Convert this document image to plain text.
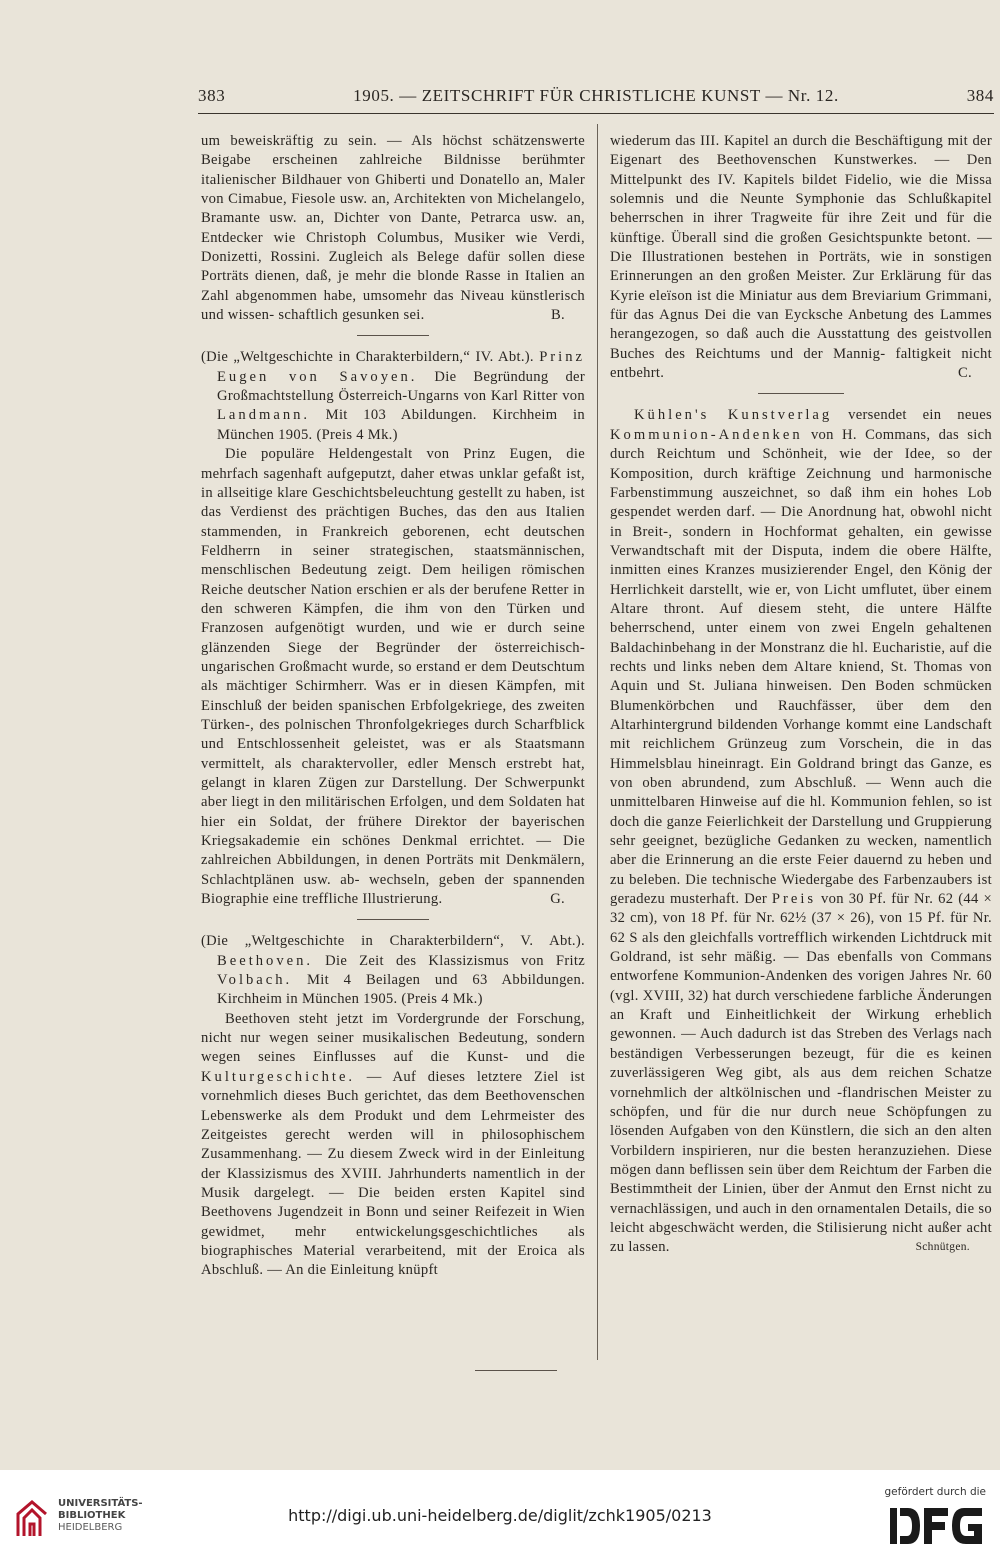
383	1905. — ZEITSCHRIFT FÜR CHRISTLICHE KUNST — Nr. 12.	384

um beweiskräftig zu sein. — Als höchst schätzenswerte Beigabe erscheinen zahlreiche Bildnisse berühmter italienischer Bildhauer von Ghiberti und Donatello an, Maler von Cimabue, Fiesole usw. an, Architekten von Michelangelo, Bramante usw. an, Dichter von Dante, Petrarca usw. an, Entdecker wie Christoph Columbus, Musiker wie Verdi, Donizetti, Rossini. Zugleich als Belege dafür sollen diese Porträts dienen, daß, je mehr die blonde Rasse in Italien an Zahl abgenommen habe, umsomehr das Niveau künstlerisch und wissen- schaftlich gesunken sei.	B.

(Die „Weltgeschichte in Charakterbildern,“ IV. Abt.). Prinz Eugen von Savoyen. Die Begründung der Großmachtstellung Österreich-Ungarns von Karl Ritter von Landmann. Mit 103 Abildungen. Kirchheim in München 1905. (Preis 4 Mk.)

Die populäre Heldengestalt von Prinz Eugen, die mehrfach sagenhaft aufgeputzt, daher etwas unklar gefaßt ist, in allseitige klare Geschichtsbeleuchtung gestellt zu haben, ist das Verdienst des prächtigen Buches, das den aus Italien stammenden, in Frankreich geborenen, echt deutschen Feldherrn in seiner strategischen, staatsmännischen, menschlischen Bedeutung zeigt. Dem heiligen römischen Reiche deutscher Nation erschien er als der berufene Retter in den schweren Kämpfen, die ihm von den Türken und Franzosen aufgenötigt wurden, und wie er durch seine glänzenden Siege der Begründer der österreichisch-ungarischen Großmacht wurde, so erstand er dem Deutschtum als mächtiger Schirmherr. Was er in diesen Kämpfen, mit Einschluß der beiden spanischen Erbfolgekriege, des zweiten Türken-, des polnischen Thronfolgekrieges durch Scharfblick und Entschlossenheit geleistet, was er als Staatsmann vermittelt, als charaktervoller, edler Mensch erstrebt hat, gelangt in klaren Zügen zur Darstellung. Der Schwerpunkt aber liegt in den militärischen Erfolgen, und dem Soldaten hat hier ein Soldat, der frühere Direktor der bayerischen Kriegsakademie ein schönes Denkmal errichtet. — Die zahlreichen Abbildungen, in denen Porträts mit Denkmälern, Schlachtplänen usw. ab- wechseln, geben der spannenden Biographie eine treffliche Illustrierung.	G.

(Die „Weltgeschichte in Charakterbildern“, V. Abt.). Beethoven. Die Zeit des Klassizismus von Fritz Volbach. Mit 4 Beilagen und 63 Abbildungen. Kirchheim in München 1905. (Preis 4 Mk.)

Beethoven steht jetzt im Vordergrunde der Forschung, nicht nur wegen seiner musikalischen Bedeutung, sondern wegen seines Einflusses auf die Kunst- und die Kulturgeschichte. — Auf dieses letztere Ziel ist vornehmlich dieses Buch gerichtet, das dem Beethovenschen Lebenswerke als dem Produkt und dem Lehrmeister des Zeitgeistes gerecht werden will in philosophischem Zusammenhang. — Zu diesem Zweck wird in der Einleitung der Klassizismus des XVIII. Jahrhunderts namentlich in der Musik dargelegt. — Die beiden ersten Kapitel sind Beethovens Jugendzeit in Bonn und seiner Reifezeit in Wien gewidmet, mehr entwickelungsgeschichtliches als biographisches Material verarbeitend, mit der Eroica als Abschluß. — An die Einleitung knüpft

wiederum das III. Kapitel an durch die Beschäftigung mit der Eigenart des Beethovenschen Kunstwerkes. — Den Mittelpunkt des IV. Kapitels bildet Fidelio, wie die Missa solemnis und die Neunte Symphonie das Schlußkapitel beherrschen in ihrer Tragweite für ihre Zeit und für die künftige. Überall sind die großen Gesichtspunkte betont. — Die Illustrationen bestehen in Porträts, wie in sonstigen Erinnerungen an den großen Meister. Zur Erklärung für das Kyrie eleïson ist die Miniatur aus dem Breviarium Grimmani, für das Agnus Dei die van Eycksche Anbetung des Lammes herangezogen, so daß auch die Ausstattung des geistvollen Buches des Reichtums und der Mannig- faltigkeit nicht entbehrt.	C.

Kühlen's Kunstverlag versendet ein neues Kommunion-Andenken von H. Commans, das sich durch Reichtum und Schönheit, wie der Idee, so der Komposition, durch kräftige Zeichnung und harmonische Farbenstimmung auszeichnet, so daß ihm ein hohes Lob gespendet werden darf. — Die Anordnung hat, obwohl nicht in Breit-, sondern in Hochformat gehalten, ein gewisse Verwandtschaft mit der Disputa, indem die obere Hälfte, inmitten eines Kranzes musizierender Engel, den König der Herrlichkeit darstellt, wie er, von Licht umflutet, über einem Altare thront. Auf diesem steht, die untere Hälfte beherrschend, unter einem von zwei Engeln gehaltenen Baldachinbehang in der Monstranz die hl. Eucharistie, auf die rechts und links neben dem Altare kniend, St. Thomas von Aquin und St. Juliana hinweisen. Den Boden schmücken Blumenkörbchen und Rauchfässer, über dem den Altarhintergrund bildenden Vorhange kommt eine Landschaft mit reichlichem Grünzeug zum Vorschein, die in das Himmelsblau hineinragt. Ein Goldrand bringt das Ganze, es von oben abrundend, zum Abschluß. — Wenn auch die unmittelbaren Hinweise auf die hl. Kommunion fehlen, so ist doch die ganze Feierlichkeit der Darstellung und Gruppierung sehr geeignet, bezügliche Gedanken zu wecken, namentlich aber die Erinnerung an die erste Feier dauernd zu heben und zu beleben. Die technische Wiedergabe des Farbenzaubers ist geradezu musterhaft. Der Preis von 30 Pf. für Nr. 62 (44 × 32 cm), von 18 Pf. für Nr. 62½ (37 × 26), von 15 Pf. für Nr. 62 S als den gleichfalls vortrefflich wirkenden Lichtdruck mit Goldrand, ist sehr mäßig. — Das ebenfalls von Commans entworfene Kommunion-Andenken des vorigen Jahres Nr. 60 (vgl. XVIII, 32) hat durch verschiedene farbliche Änderungen an Kraft und Einheitlichkeit der Wirkung erheblich gewonnen. — Auch dadurch ist das Streben des Verlags nach beständigen Verbesserungen bezeugt, für die es keinen zuverlässigeren Weg gibt, als aus dem reichen Schatze vornehmlich der altkölnischen und -flandrischen Meister zu schöpfen, und für die nur durch neue Schöpfungen zu lösenden Aufgaben von den Künstlern, die sich an den alten Vorbildern inspirieren, nur die besten heranzuziehen. Diese mögen dann beflissen sein über dem Reichtum der Farben die Bestimmtheit der Linien, über der Anmut den Ernst nicht zu vernachlässigen, und auch in den ornamentalen Details, die so leicht abgeschwächt werden, die Stilisierung nicht außer acht zu lassen.	Schnütgen.

UNIVERSITÄTS-
BIBLIOTHEK
HEIDELBERG
http://digi.ub.uni-heidelberg.de/diglit/zchk1905/0213
gefördert durch die
